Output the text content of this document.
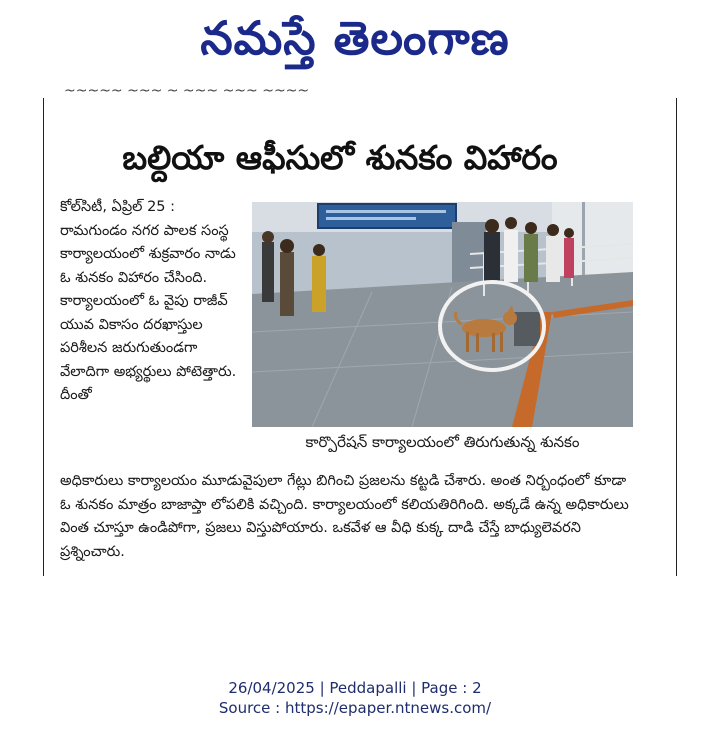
నమస్తే తెలంగాణ
~~~~~ ~~~ ~ ~~~ ~~~ ~~~~
బల్దియా ఆఫీసులో శునకం విహారం

కోల్‌సిటీ, ఏప్రిల్ 25 : రామగుండం నగర పాలక సంస్థ కార్యాలయంలో శుక్రవారం నాడు ఓ శునకం విహారం చేసింది. కార్యాలయంలో ఓ వైపు రాజీవ్ యువ వికాసం దరఖాస్తుల పరిశీలన జరుగుతుండగా వేలాదిగా అభ్యర్థులు పోటెత్తారు. దీంతో

కార్పొరేషన్ కార్యాలయంలో తిరుగుతున్న శునకం

అధికారులు కార్యాలయం మూడువైపులా గేట్లు బిగించి ప్రజలను కట్టడి చేశారు. అంత నిర్బంధంలో కూడా ఓ శునకం మాత్రం బాజాప్తా లోపలికి వచ్చింది. కార్యాలయంలో కలియతిరిగింది. అక్కడే ఉన్న అధికారులు వింత చూస్తూ ఉండిపోగా, ప్రజలు విస్తుపోయారు. ఒకవేళ ఆ వీధి కుక్క దాడి చేస్తే బాధ్యులెవరని ప్రశ్నించారు.

26/04/2025 | Peddapalli | Page : 2
Source : https://epaper.ntnews.com/
